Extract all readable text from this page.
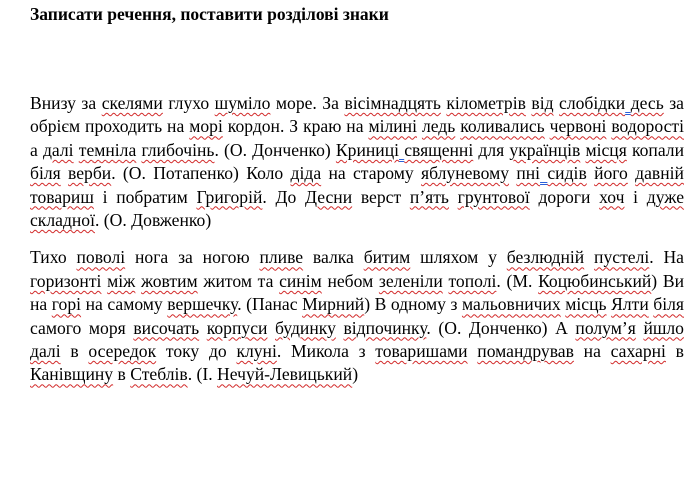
Записати речення, поставити розділові знаки

Внизу за скелями глухо шуміло море. За вісімнадцять кілометрів від слобідки десь за обрієм проходить на морі кордон. З краю на мілині ледь коливались червоні водорості а далі темніла глибочінь. (О. Донченко) Криниці священні для українців місця копали біля верби. (О. Потапенко) Коло діда на старому яблуневому пні сидів його давній товариш і побратим Григорій. До Десни верст п’ять грунтової дороги хоч і дуже складної. (О. Довженко)

Тихо поволі нога за ногою пливе валка битим шляхом у безлюдній пустелі. На горизонті між жовтим житом та синім небом зеленіли тополі. (М. Коцюбинський) Ви на горі на самому вершечку. (Панас Мирний) В одному з мальовничих місць Ялти біля самого моря височать корпуси будинку відпочинку. (О. Донченко) А полум’я йшло далі в осередок току до клуні. Микола з товаришами помандрував на сахарні в Канівщину в Стеблів. (І. Нечуй-Левицький)
